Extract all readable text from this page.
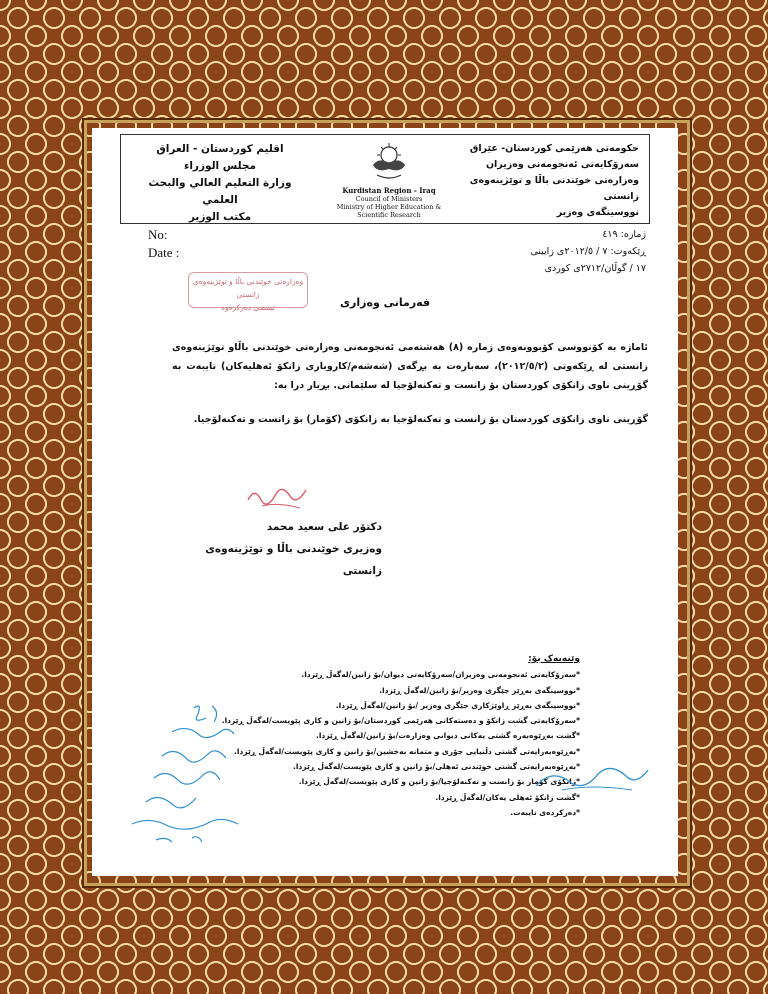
حکومەتی هەرێمی کوردستان- عێراق
سەرۆکایەتی ئەنجومەنی وەزیران
وەزارەتی خوێندنی باڵا و توێژینەوەی زانستی
نووسینگەی وەزیر
Kurdistan Region - Iraq
Council of Ministers
Ministry of Higher Education & Scientific Research
اقليم كوردستان - العراق
مجلس الوزراء
وزارة التعليم العالي والبحث العلمي
مكتب الوزير
No:
Date :
ژمارە: ٤١٩
ڕێکەوت: ٧ / ٢٠١٢/٥ی زایینی
١٧ / گوڵان/٢٧١٢ی کوردی
وەزارەتی خوێندنی باڵا و توێژینەوەی زانستی
ئیمضی دەرکرەوە	فەرمانی وەزاری
ئاماژە بە کۆنووسی کۆبوونەوەی ژمارە (٨) هەشتەمی ئەنجومەنی وەزارەتی خوێندنی باڵاو توێژینەوەی زانستی لە ڕێکەوتی (٢٠١٢/٥/٢)، سەبارەت بە بڕگەی (شەشەم/کاروباری زانکۆ ئەهلیەکان) تایبەت بە گۆڕینی ناوی زانکۆی کوردستان بۆ زانست و تەکنەلۆجیا لە سلێمانی. بڕیار درا بە:
گۆڕینی ناوی زانکۆی کوردستان بۆ زانست و تەکنەلۆجیا بە زانکۆی (کۆمار) بۆ زانست و تەکنەلۆجیا.
دکتۆر علی سعید محمد
وەزیری خوێندنی باڵا و توێژینەوەی زانستی
وێنەیەک بۆ:
*سەرۆکایەتی ئەنجومەنی وەزیران/سەرۆکایەتی دیوان/بۆ زانین/لەگەڵ ڕێزدا.
*نووسینگەی بەڕێز جێگری وەزیر/بۆ زانین/لەگەڵ ڕێزدا.
*نووسینگەی بەڕێز ڕاوێژکاری جێگری وەزیر /بۆ زانین/لەگەڵ ڕێزدا.
*سەرۆکایەتی گشت زانکۆ و دەستەکانی هەرێمی کوردستان/بۆ زانین و کاری پێویست/لەگەڵ ڕێزدا.
*گشت بەڕێوەبەرە گشتی یەکانی دیوانی وەزارەت/بۆ زانین/لەگەڵ ڕێزدا.
*بەڕێوەبەرایەتی گشتی دڵنیایی جۆری و متمانە بەخشین/بۆ زانین و کاری پێویست/لەگەڵ ڕێزدا.
*بەڕێوەبەرایەتی گشتی خوێندنی ئەهلی/بۆ زانین و کاری پێویست/لەگەڵ ڕێزدا.
*زانکۆی کۆمار بۆ زانست و تەکنەلۆجیا/بۆ زانین و کاری پێویست/لەگەڵ ڕێزدا.
*گشت زانکۆ ئەهلی یەکان/لەگەڵ ڕێزدا.
*دەرکردەی تایبەت.
